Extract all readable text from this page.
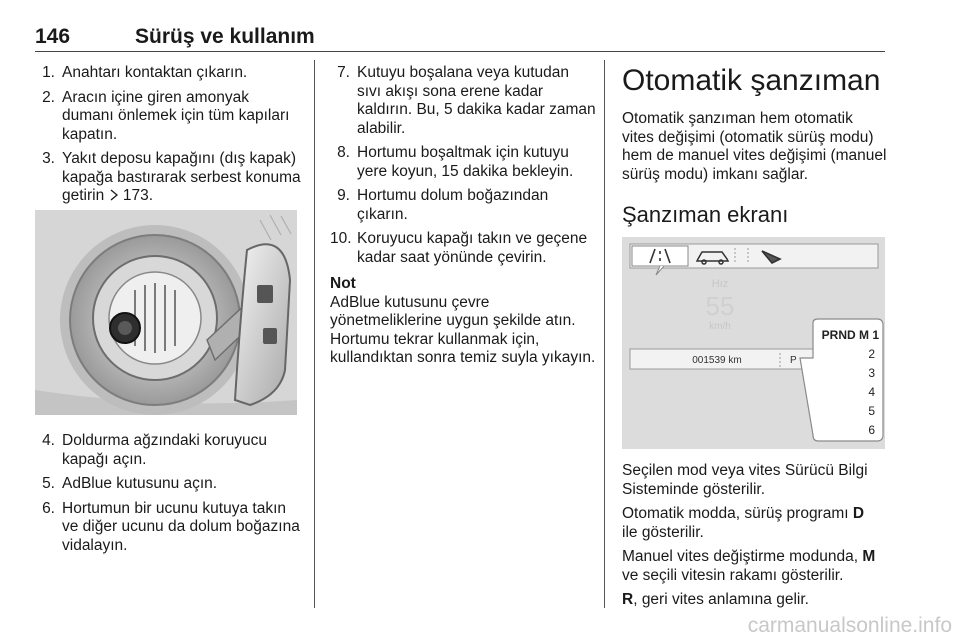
146	Sürüş ve kullanım
1. Anahtarı kontaktan çıkarın.
2. Aracın içine giren amonyak dumanı önlemek için tüm kapıları kapatın.
3. Yakıt deposu kapağını (dış kapak) kapağa bastırarak serbest konuma getirin 173.
4. Doldurma ağzındaki koruyucu kapağı açın.
5. AdBlue kutusunu açın.
6. Hortumun bir ucunu kutuya takın ve diğer ucunu da dolum boğazına vidalayın.
7. Kutuyu boşalana veya kutudan sıvı akışı sona erene kadar kaldırın. Bu, 5 dakika kadar zaman alabilir.
8. Hortumu boşaltmak için kutuyu yere koyun, 15 dakika bekleyin.
9. Hortumu dolum boğazından çıkarın.
10. Koruyucu kapağı takın ve geçene kadar saat yönünde çevirin.
Not

AdBlue kutusunu çevre yönetmeliklerine uygun şekilde atın. Hortumu tekrar kullanmak için, kullandıktan sonra temiz suyla yıkayın.

Otomatik şanzıman

Otomatik şanzıman hem otomatik vites değişimi (otomatik sürüş modu) hem de manuel vites değişimi (manuel sürüş modu) imkanı sağlar.

Şanzıman ekranı
Hız
55
km/h
001539 km	P
PRND M 1
2
3
4
5
6

Seçilen mod veya vites Sürücü Bilgi Sisteminde gösterilir.

Otomatik modda, sürüş programı D
ile gösterilir.

Manuel vites değiştirme modunda, M
ve seçili vitesin rakamı gösterilir.

R, geri vites anlamına gelir.

carmanualsonline.info
